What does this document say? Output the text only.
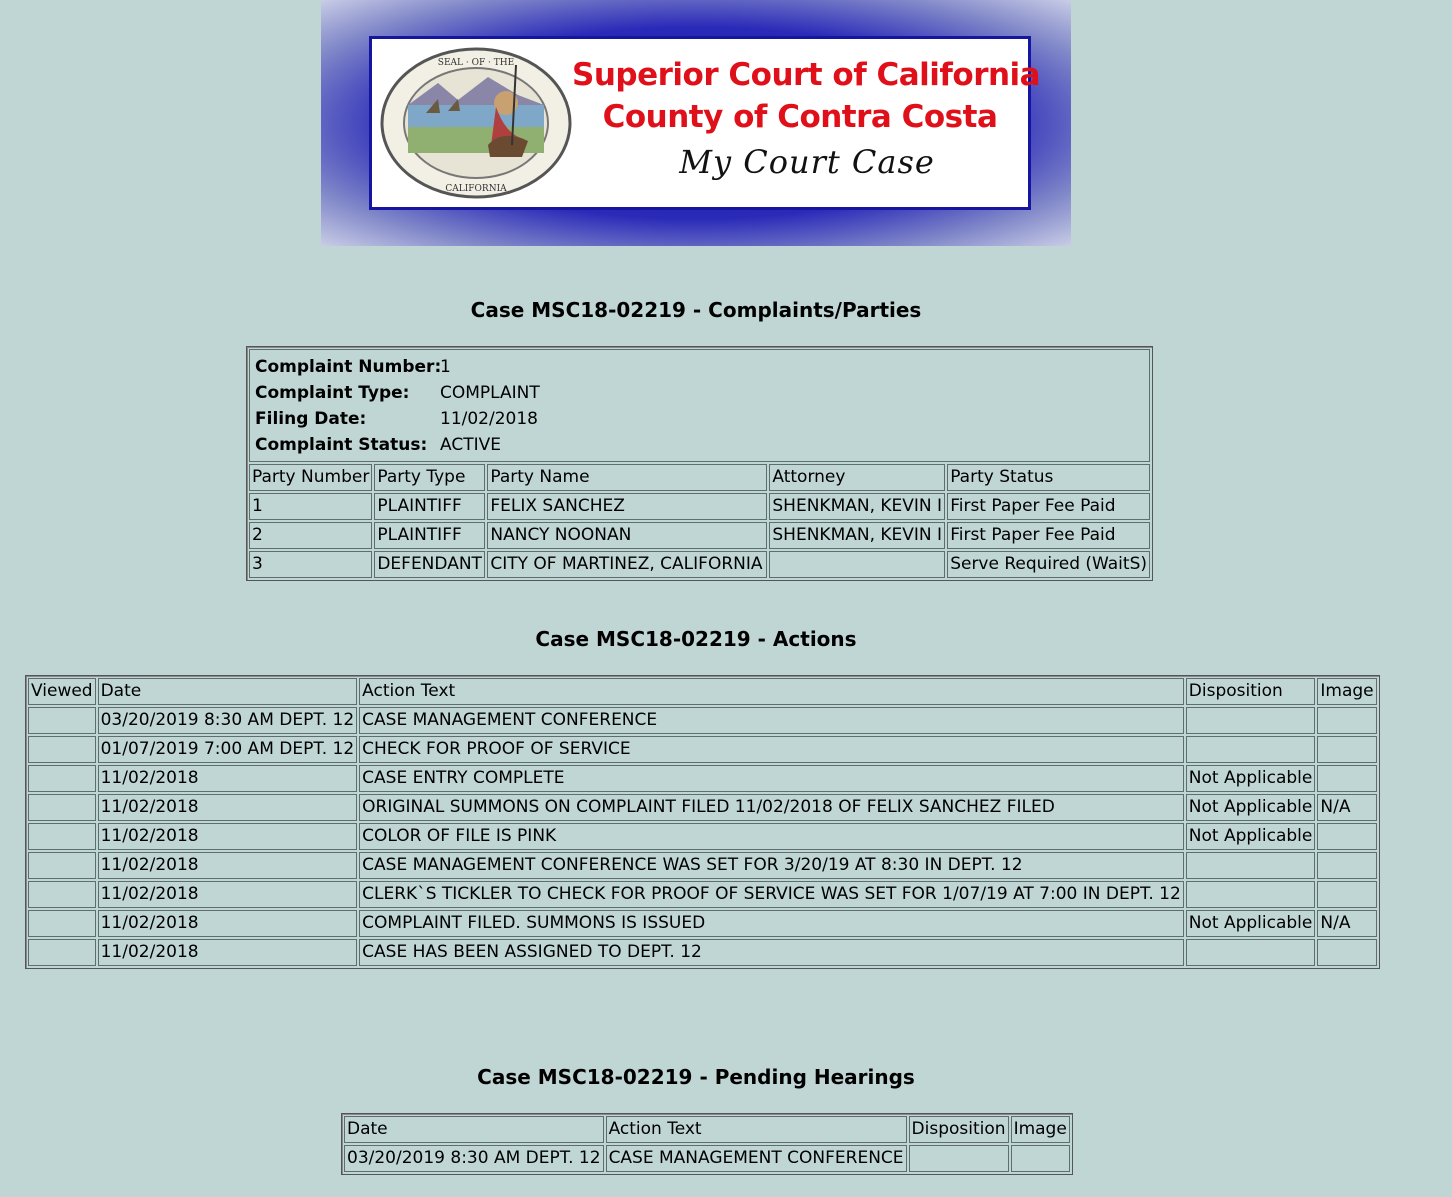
SEAL · OF · THE
CALIFORNIA
Superior Court of California
County of Contra Costa
My Court Case
Case MSC18-02219 - Complaints/Parties
Complaint Number:1
Complaint Type: COMPLAINT
Filing Date: 11/02/2018
Complaint Status: ACTIVE				

Party Number	Party Type	Party Name	Attorney	Party Status
1	PLAINTIFF	FELIX SANCHEZ	SHENKMAN, KEVIN I	First Paper Fee Paid
2	PLAINTIFF	NANCY NOONAN	SHENKMAN, KEVIN I	First Paper Fee Paid
3	DEFENDANT	CITY OF MARTINEZ, CALIFORNIA		Serve Required (WaitS)
Case MSC18-02219 - Actions
Viewed	Date	Action Text	Disposition	Image
	03/20/2019 8:30 AM DEPT. 12	CASE MANAGEMENT CONFERENCE		
	01/07/2019 7:00 AM DEPT. 12	CHECK FOR PROOF OF SERVICE		
	11/02/2018	CASE ENTRY COMPLETE	Not Applicable	
	11/02/2018	ORIGINAL SUMMONS ON COMPLAINT FILED 11/02/2018 OF FELIX SANCHEZ FILED	Not Applicable	N/A
	11/02/2018	COLOR OF FILE IS PINK	Not Applicable	
	11/02/2018	CASE MANAGEMENT CONFERENCE WAS SET FOR 3/20/19 AT 8:30 IN DEPT. 12		
	11/02/2018	CLERK`S TICKLER TO CHECK FOR PROOF OF SERVICE WAS SET FOR 1/07/19 AT 7:00 IN DEPT. 12		
	11/02/2018	COMPLAINT FILED. SUMMONS IS ISSUED	Not Applicable	N/A
	11/02/2018	CASE HAS BEEN ASSIGNED TO DEPT. 12		
Case MSC18-02219 - Pending Hearings
Date	Action Text	Disposition	Image
03/20/2019 8:30 AM DEPT. 12	CASE MANAGEMENT CONFERENCE		
